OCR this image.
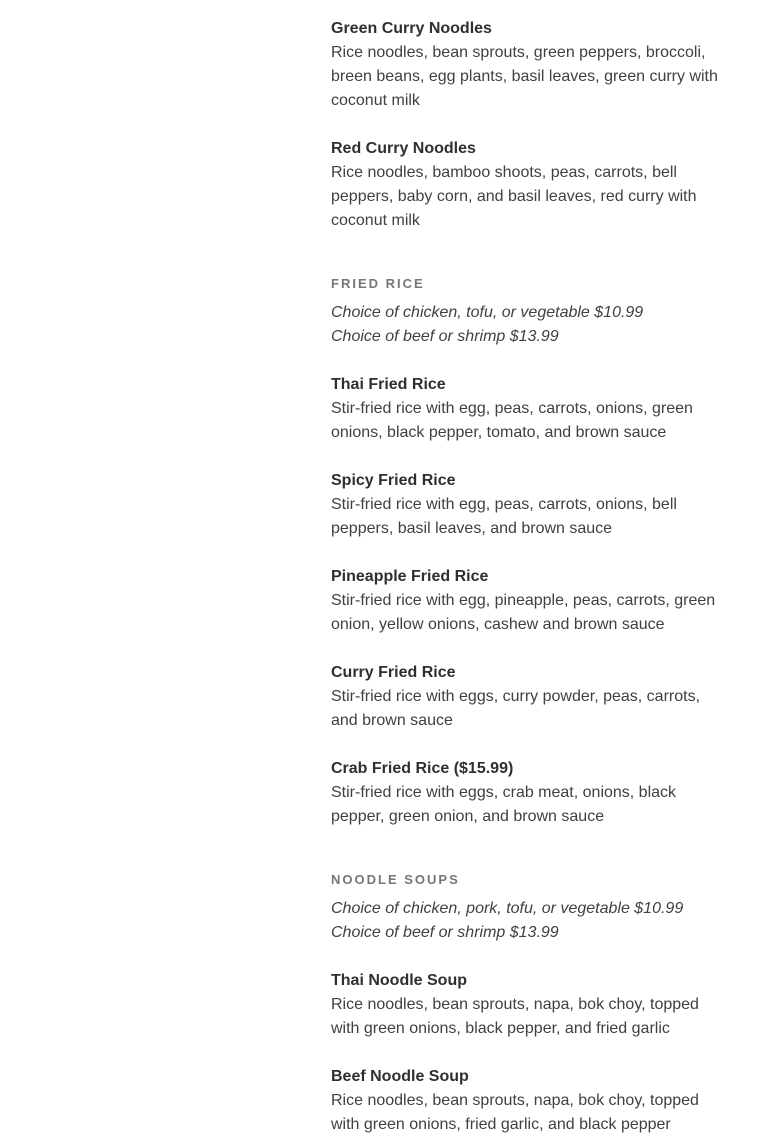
Green Curry Noodles

Rice noodles, bean sprouts, green peppers, broccoli, breen beans, egg plants, basil leaves, green curry with coconut milk

Red Curry Noodles

Rice noodles, bamboo shoots, peas, carrots, bell peppers, baby corn, and basil leaves, red curry with coconut milk

FRIED RICE

Choice of chicken, tofu, or vegetable $10.99

Choice of beef or shrimp $13.99

Thai Fried Rice

Stir-fried rice with egg, peas, carrots, onions, green onions, black pepper, tomato, and brown sauce

Spicy Fried Rice

Stir-fried rice with egg, peas, carrots, onions, bell peppers, basil leaves, and brown sauce

Pineapple Fried Rice

Stir-fried rice with egg, pineapple, peas, carrots, green onion, yellow onions, cashew and brown sauce

Curry Fried Rice

Stir-fried rice with eggs, curry powder, peas, carrots, and brown sauce

Crab Fried Rice ($15.99)

Stir-fried rice with eggs, crab meat, onions, black pepper, green onion, and brown sauce

NOODLE SOUPS

Choice of chicken, pork, tofu, or vegetable $10.99

Choice of beef or shrimp $13.99

Thai Noodle Soup

Rice noodles, bean sprouts, napa, bok choy, topped with green onions, black pepper, and fried garlic

Beef Noodle Soup

Rice noodles, bean sprouts, napa, bok choy, topped with green onions, fried garlic, and black pepper
